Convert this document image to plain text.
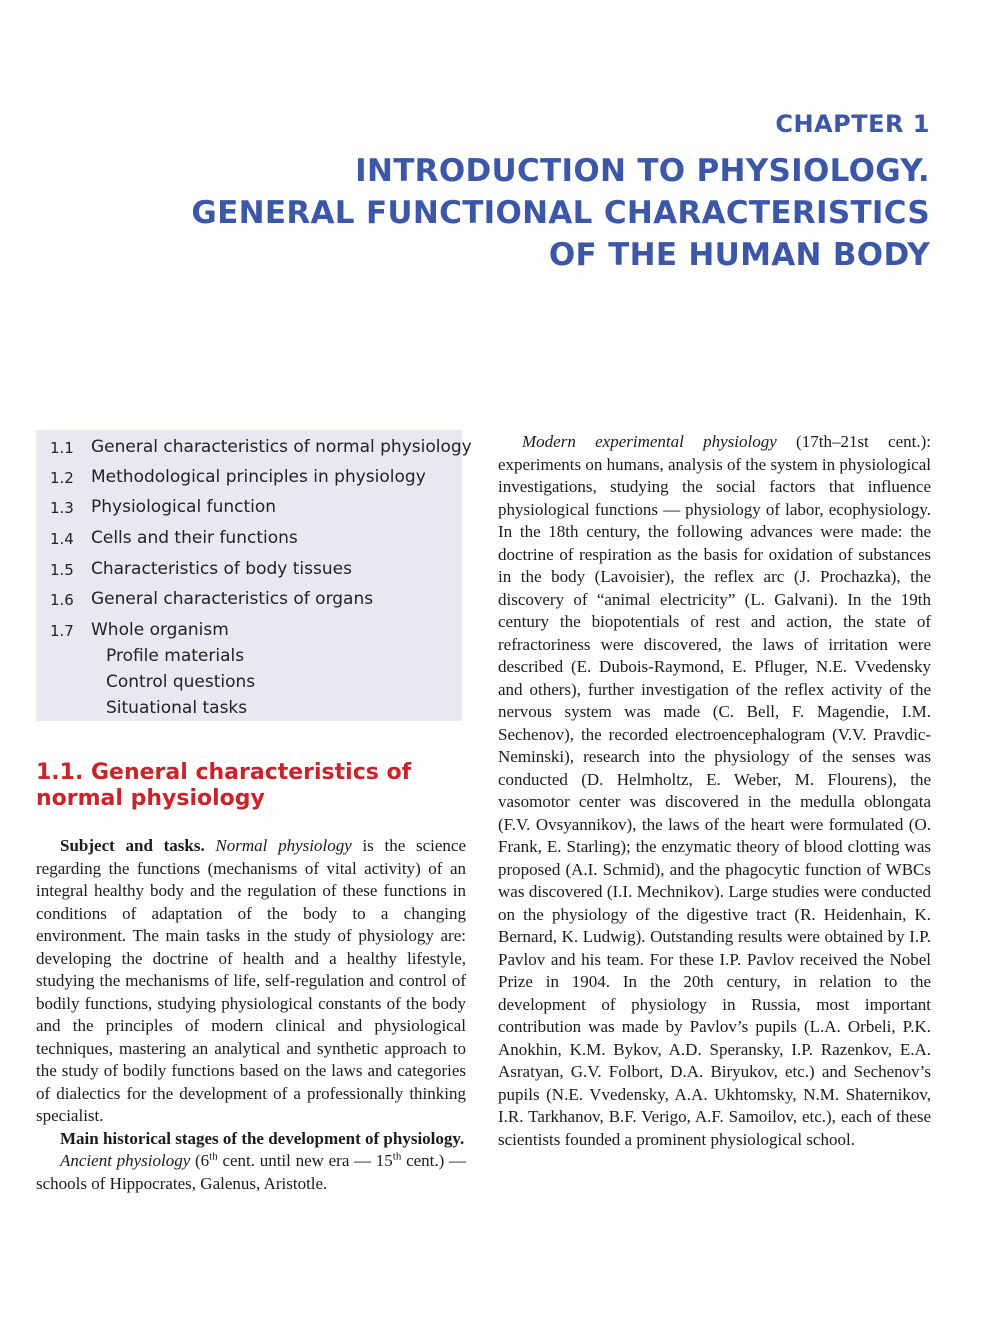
CHAPTER 1
INTRODUCTION TO PHYSIOLOGY.
GENERAL FUNCTIONAL CHARACTERISTICS
OF THE HUMAN BODY
1.1 General characteristics of normal physiology
1.2 Methodological principles in physiology
1.3 Physiological function
1.4 Cells and their functions
1.5 Characteristics of body tissues
1.6 General characteristics of organs
1.7 Whole organism
Profile materials
Control questions
Situational tasks
1.1. General characteristics of normal physiology

Subject and tasks. Normal physiology is the science regarding the functions (mechanisms of vital activity) of an integral healthy body and the regulation of these functions in conditions of adaptation of the body to a changing environment. The main tasks in the study of physiology are: developing the doctrine of health and a healthy lifestyle, studying the mechanisms of life, self-regulation and control of bodily functions, studying physiological constants of the body and the principles of modern clinical and physiological techniques, mastering an analytical and synthetic approach to the study of bodily functions based on the laws and categories of dialectics for the development of a professionally thinking specialist.

Main historical stages of the development of physiology.

Ancient physiology (6th cent. until new era — 15th cent.) — schools of Hippocrates, Galenus, Aristotle.

Modern experimental physiology (17th–21st cent.): experiments on humans, analysis of the system in physiological investigations, studying the social factors that influence physiological functions — physiology of labor, ecophysiology. In the 18th century, the following advances were made: the doctrine of respiration as the basis for oxidation of substances in the body (Lavoisier), the reflex arc (J. Prochazka), the discovery of “animal electricity” (L. Galvani). In the 19th century the biopotentials of rest and action, the state of refractoriness were discovered, the laws of irritation were described (E. Dubois-Raymond, E. Pfluger, N.E. Vvedensky and others), further investigation of the reflex activity of the nervous system was made (C. Bell, F. Magendie, I.M. Sechenov), the recorded electroencephalogram (V.V. Pravdic-Neminski), research into the physiology of the senses was conducted (D. Helmholtz, E. Weber, M. Flourens), the vasomotor center was discovered in the medulla oblongata (F.V. Ovsyannikov), the laws of the heart were formulated (O. Frank, E. Starling); the enzymatic theory of blood clotting was proposed (A.I. Schmid), and the phagocytic function of WBCs was discovered (I.I. Mechnikov). Large studies were conducted on the physiology of the digestive tract (R. Heidenhain, K. Bernard, K. Ludwig). Outstanding results were obtained by I.P. Pavlov and his team. For these I.P. Pavlov received the Nobel Prize in 1904. In the 20th century, in relation to the development of physiology in Russia, most important contribution was made by Pavlov’s pupils (L.A. Orbeli, P.K. Anokhin, K.M. Bykov, A.D. Speransky, I.P. Razenkov, E.A. Asratyan, G.V. Folbort, D.A. Biryukov, etc.) and Sechenov’s pupils (N.E. Vvedensky, A.A. Ukhtomsky, N.M. Shaternikov, I.R. Tarkhanov, B.F. Verigo, A.F. Samoilov, etc.), each of these scientists founded a prominent physiological school.
